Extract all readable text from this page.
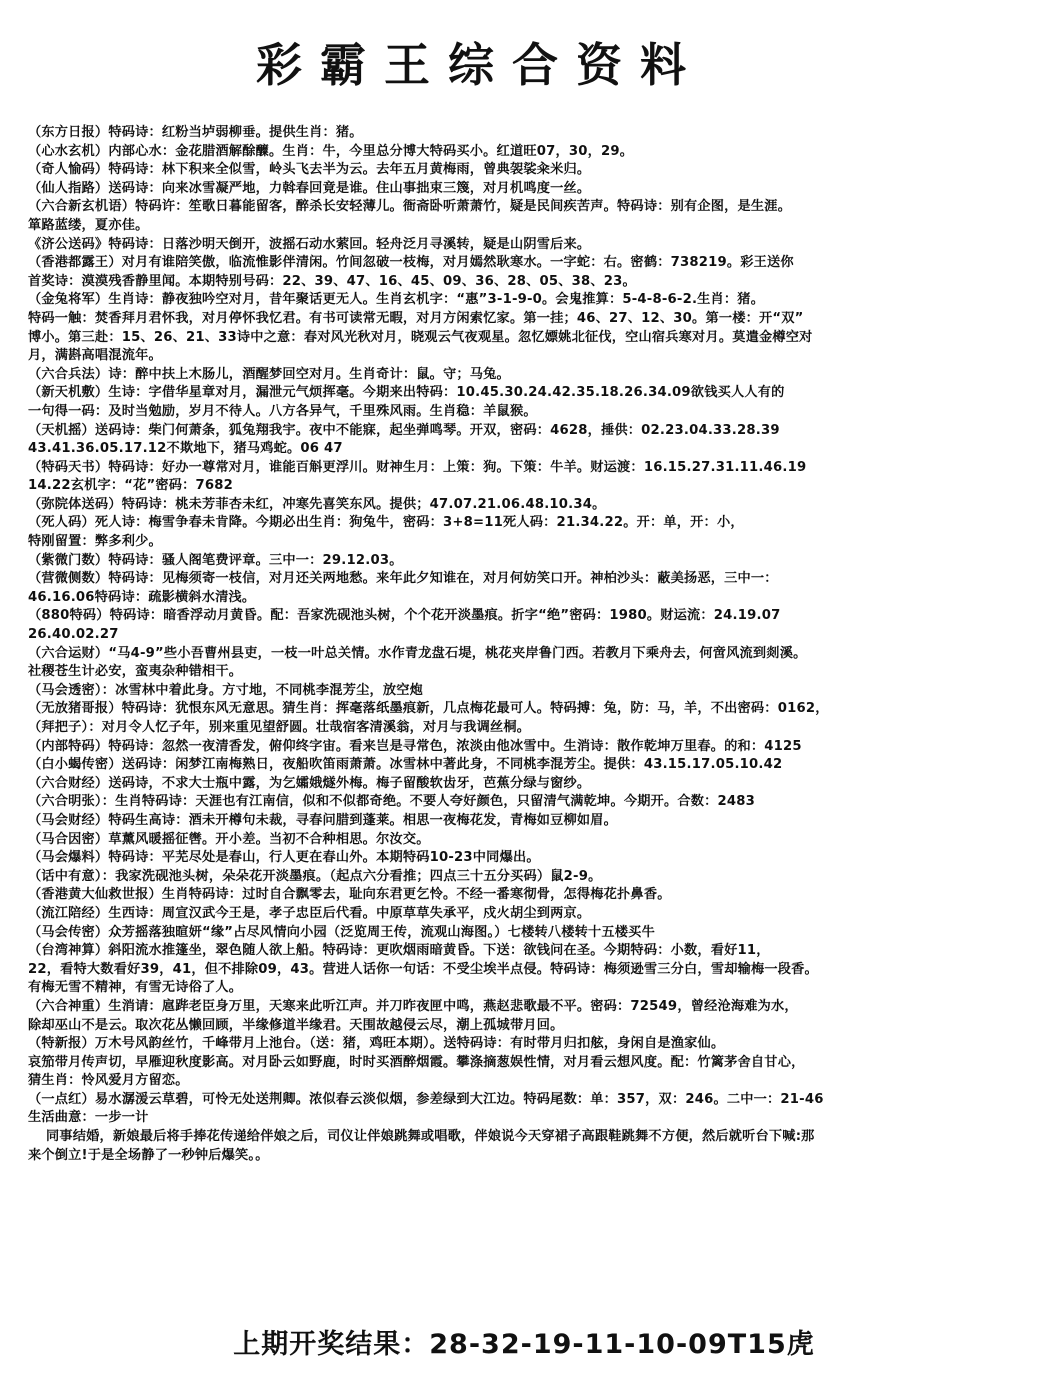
彩霸王综合资料
（东方日报）特码诗：红粉当垆弱柳垂。提供生肖：猪。
（心水玄机）内部心水：金花腊酒解酴醾。生肖：牛，今里总分博大特码买小。红道旺07，30，29。
（奇人愉码）特码诗：林下积来全似雪，岭头飞去半为云。去年五月黄梅雨，曾典袈裟籴米归。
（仙人指路）送码诗：向来冰雪凝严地，力斡春回竟是谁。住山事拙束三篾，对月机鸣度一丝。
（六合新玄机语）特码许：笙歌日暮能留客，醉杀长安轻薄儿。衙斋卧听萧萧竹，疑是民间疾苦声。特码诗：别有企图，是生涯。
箪路蓝缕，夏亦佳。
《济公送码》特码诗：日落沙明天倒开，波摇石动水萦回。轻舟泛月寻溪转，疑是山阴雪后来。
（香港都露王）对月有谁陪笑傲，临流惟影伴清闲。竹间忽破一枝梅，对月嫣然耿寒水。一字蛇：右。密鹤：738219。彩王送你
首奖诗：漠漠残香静里闻。本期特别号码：22、39、47、16、45、09、36、28、05、38、23。
（金兔将军）生肖诗：静夜独吟空对月，昔年聚话更无人。生肖玄机字：“惠”3-1-9-0。会鬼推算：5-4-8-6-2.生肖：猪。
特码一触：焚香拜月君怀我，对月停怀我忆君。有书可读常无暇，对月方闲索忆家。第一挂；46、27、12、30。第一楼：开“双”
博小。第三赴：15、26、21、33诗中之意：春对风光秋对月，晓观云气夜观星。忽忆嫖姚北征伐，空山宿兵寒对月。莫遣金樽空对
月，满斟高唱混流年。
（六合兵法）诗：醉中扶上木肠儿，酒醒梦回空对月。生肖奇计：鼠。守；马兔。
（新天机敷）生诗：字借华星章对月，漏泄元气烦挥毫。今期来出特码：10.45.30.24.42.35.18.26.34.09欲钱买人人有的
一句得一码：及时当勉励，岁月不待人。八方各异气，千里殊风雨。生肖稳：羊鼠猴。
（天机摇）送码诗：柴门何萧条，狐兔翔我宇。夜中不能寐，起坐弹鸣琴。开双，密码：4628，捶供：02.23.04.33.28.39
43.41.36.05.17.12不欺地下，猪马鸡蛇。06 47
（特码天书）特码诗：好办一尊常对月，谁能百斛更浮川。财神生月：上策：狗。下策：牛羊。财运渡：16.15.27.31.11.46.19
14.22玄机字：“花”密码：7682
（弥院体送码）特码诗：桃未芳菲杏未红，冲寒先喜笑东风。提供；47.07.21.06.48.10.34。
（死人码）死人诗：梅雪争春未肯降。今期必出生肖：狗兔牛，密码：3+8=11死人码：21.34.22。开：单，开：小，
特刚留置：弊多利少。
（紫微门数）特码诗：骚人阁笔费评章。三中一：29.12.03。
（营微侧数）特码诗：见梅须寄一枝信，对月还关两地愁。来年此夕知谁在，对月何妨笑口开。神柏沙头：蔽美扬恶，三中一：
46.16.06特码诗：疏影横斜水清浅。
（880特码）特码诗：暗香浮动月黄昏。配：吾家洗砚池头树，个个花开淡墨痕。折字“绝”密码：1980。财运流：24.19.07
26.40.02.27
（六合运财）“马4-9”些小吾曹州县吏，一枝一叶总关情。水作青龙盘石堤，桃花夹岸鲁门西。若教月下乘舟去，何啻风流到剡溪。
社稷苍生计必安，蛮夷杂种错相干。
（马会透密）：冰雪林中着此身。方寸地，不同桃李混芳尘，放空炮
（无放猪哥报）特码诗：犹恨东风无意思。猜生肖：挥毫落纸墨痕新，几点梅花最可人。特码搏：兔，防：马，羊，不出密码：0162，
（拜把子）：对月令人忆子年，别来重见望舒圆。壮哉宿客清溪翁，对月与我调丝桐。
（内部特码）特码诗：忽然一夜清香发，俯仰终字宙。看来岂是寻常色，浓淡由他冰雪中。生消诗：散作乾坤万里春。的和：4125
（白小蝎传密）送码诗：闲梦江南梅熟日，夜船吹笛雨萧萧。冰雪林中著此身，不同桃李混芳尘。提供：43.15.17.05.10.42
（六合财经）送码诗，不求大士瓶中露，为乞孀娥燧外梅。梅子留酸软齿牙，芭蕉分绿与窗纱。
（六合明张）：生肖特码诗：天涯也有江南信，似和不似都奇绝。不要人夸好颜色，只留清气满乾坤。今期开。合数：2483
（马会财经）特码生高诗：酒未开樽句未裁，寻春问腊到蓬莱。相思一夜梅花发，青梅如豆柳如眉。
（马合因密）草薰风暖摇征辔。开小差。当初不合种相思。尔汝交。
（马会爆料）特码诗：平芜尽处是春山，行人更在春山外。本期特码10-23中同爆出。
（话中有意）：我家洗砚池头树，朵朵花开淡墨痕。（起点六分看推；四点三十五分买码）鼠2-9。
（香港黄大仙救世报）生肖特码诗：过时自合飘零去，耻向东君更乞怜。不经一番寒彻骨，怎得梅花扑鼻香。
（流江陪经）生西诗：周宣汉武今王是，孝子忠臣后代看。中原草草失承平，戍火胡尘到两京。
（马会传密）众芳摇落独暄妍“缘”占尽风情向小园（泛览周王传，流观山海图。）七楼转八楼转十五楼买牛
（台湾神算）斜阳流水推篷坐，翠色随人欲上船。特码诗：更吹烟雨暗黄昏。下送：欲钱问在圣。今期特码：小数，看好11，
22，看特大数看好39，41，但不排除09，43。营进人话你一句话：不受尘埃半点侵。特码诗：梅须逊雪三分白，雪却输梅一段香。
有梅无雪不精神，有雪无诗俗了人。
（六合神重）生消请：扈跸老臣身万里，天寒来此听江声。并刀昨夜匣中鸣，燕赵悲歌最不平。密码：72549，曾经沧海难为水，
除却巫山不是云。取次花丛懒回顾，半缘修道半缘君。天围故越侵云尽，潮上孤城带月回。
（特新报）万木号风韵丝竹，千峰带月上池台。（送：猪，鸡旺本期）。送特码诗：有时带月归扣舷，身闲自是渔家仙。
哀笳带月传声切，早雁迎秋度影高。对月卧云如野鹿，时时买酒醉烟霞。攀涤摘葱娱性情，对月看云想风度。配：竹篱茅舍自甘心，
猜生肖：怜风爱月方留恋。
（一点红）易水潺湲云草碧，可怜无处送荆卿。浓似春云淡似烟，参差绿到大江边。特码尾数：单：357，双：246。二中一：21-46
生活曲意：一步一计
同事结婚，新娘最后将手捧花传递给伴娘之后，司仪让伴娘跳舞或唱歌，伴娘说今天穿裙子高跟鞋跳舞不方便，然后就听台下喊:那
来个倒立!于是全场静了一秒钟后爆笑。。
上期开奖结果：28-32-19-11-10-09T15虎
